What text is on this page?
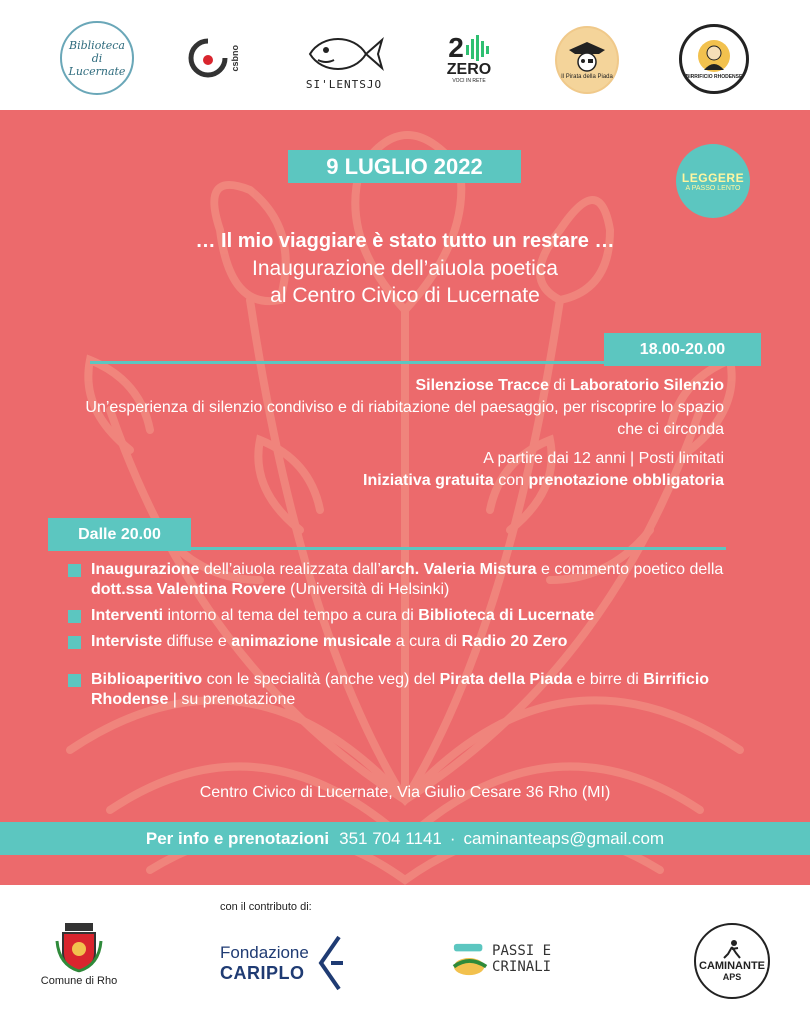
Biblioteca di Lucernate	csbno
SI'LENTSJO
2
ZERO
VOCI IN RETE
Il Pirata della Piada	BIRRIFICIO RHODENSE
9 LUGLIO 2022	LEGGERE
A PASSO LENTO
… Il mio viaggiare è stato tutto un restare …
Inaugurazione dell’aiuola poetica
al Centro Civico di Lucernate
18.00-20.00

Silenziose Tracce di Laboratorio Silenzio

Un’esperienza di silenzio condiviso e di riabitazione del paesaggio, per riscoprire lo spazio che ci circonda

A partire dai 12 anni | Posti limitati

Iniziativa gratuita con prenotazione obbligatoria

Dalle 20.00
Inaugurazione dell’aiuola realizzata dall’arch. Valeria Mistura e commento poetico della dott.ssa Valentina Rovere (Università di Helsinki)
Interventi intorno al tema del tempo a cura di Biblioteca di Lucernate
Interviste diffuse e animazione musicale a cura di Radio 20 Zero
Biblioaperitivo con le specialità (anche veg) del Pirata della Piada e birre di Birrificio Rhodense | su prenotazione
Centro Civico di Lucernate, Via Giulio Cesare 36 Rho (MI)
Per info e prenotazioni 351 704 1141 · caminanteaps@gmail.com
con il contributo di:
Comune di Rho
Fondazione
CARIPLO
PASSI E CRINALI	CAMINANTE
APS
